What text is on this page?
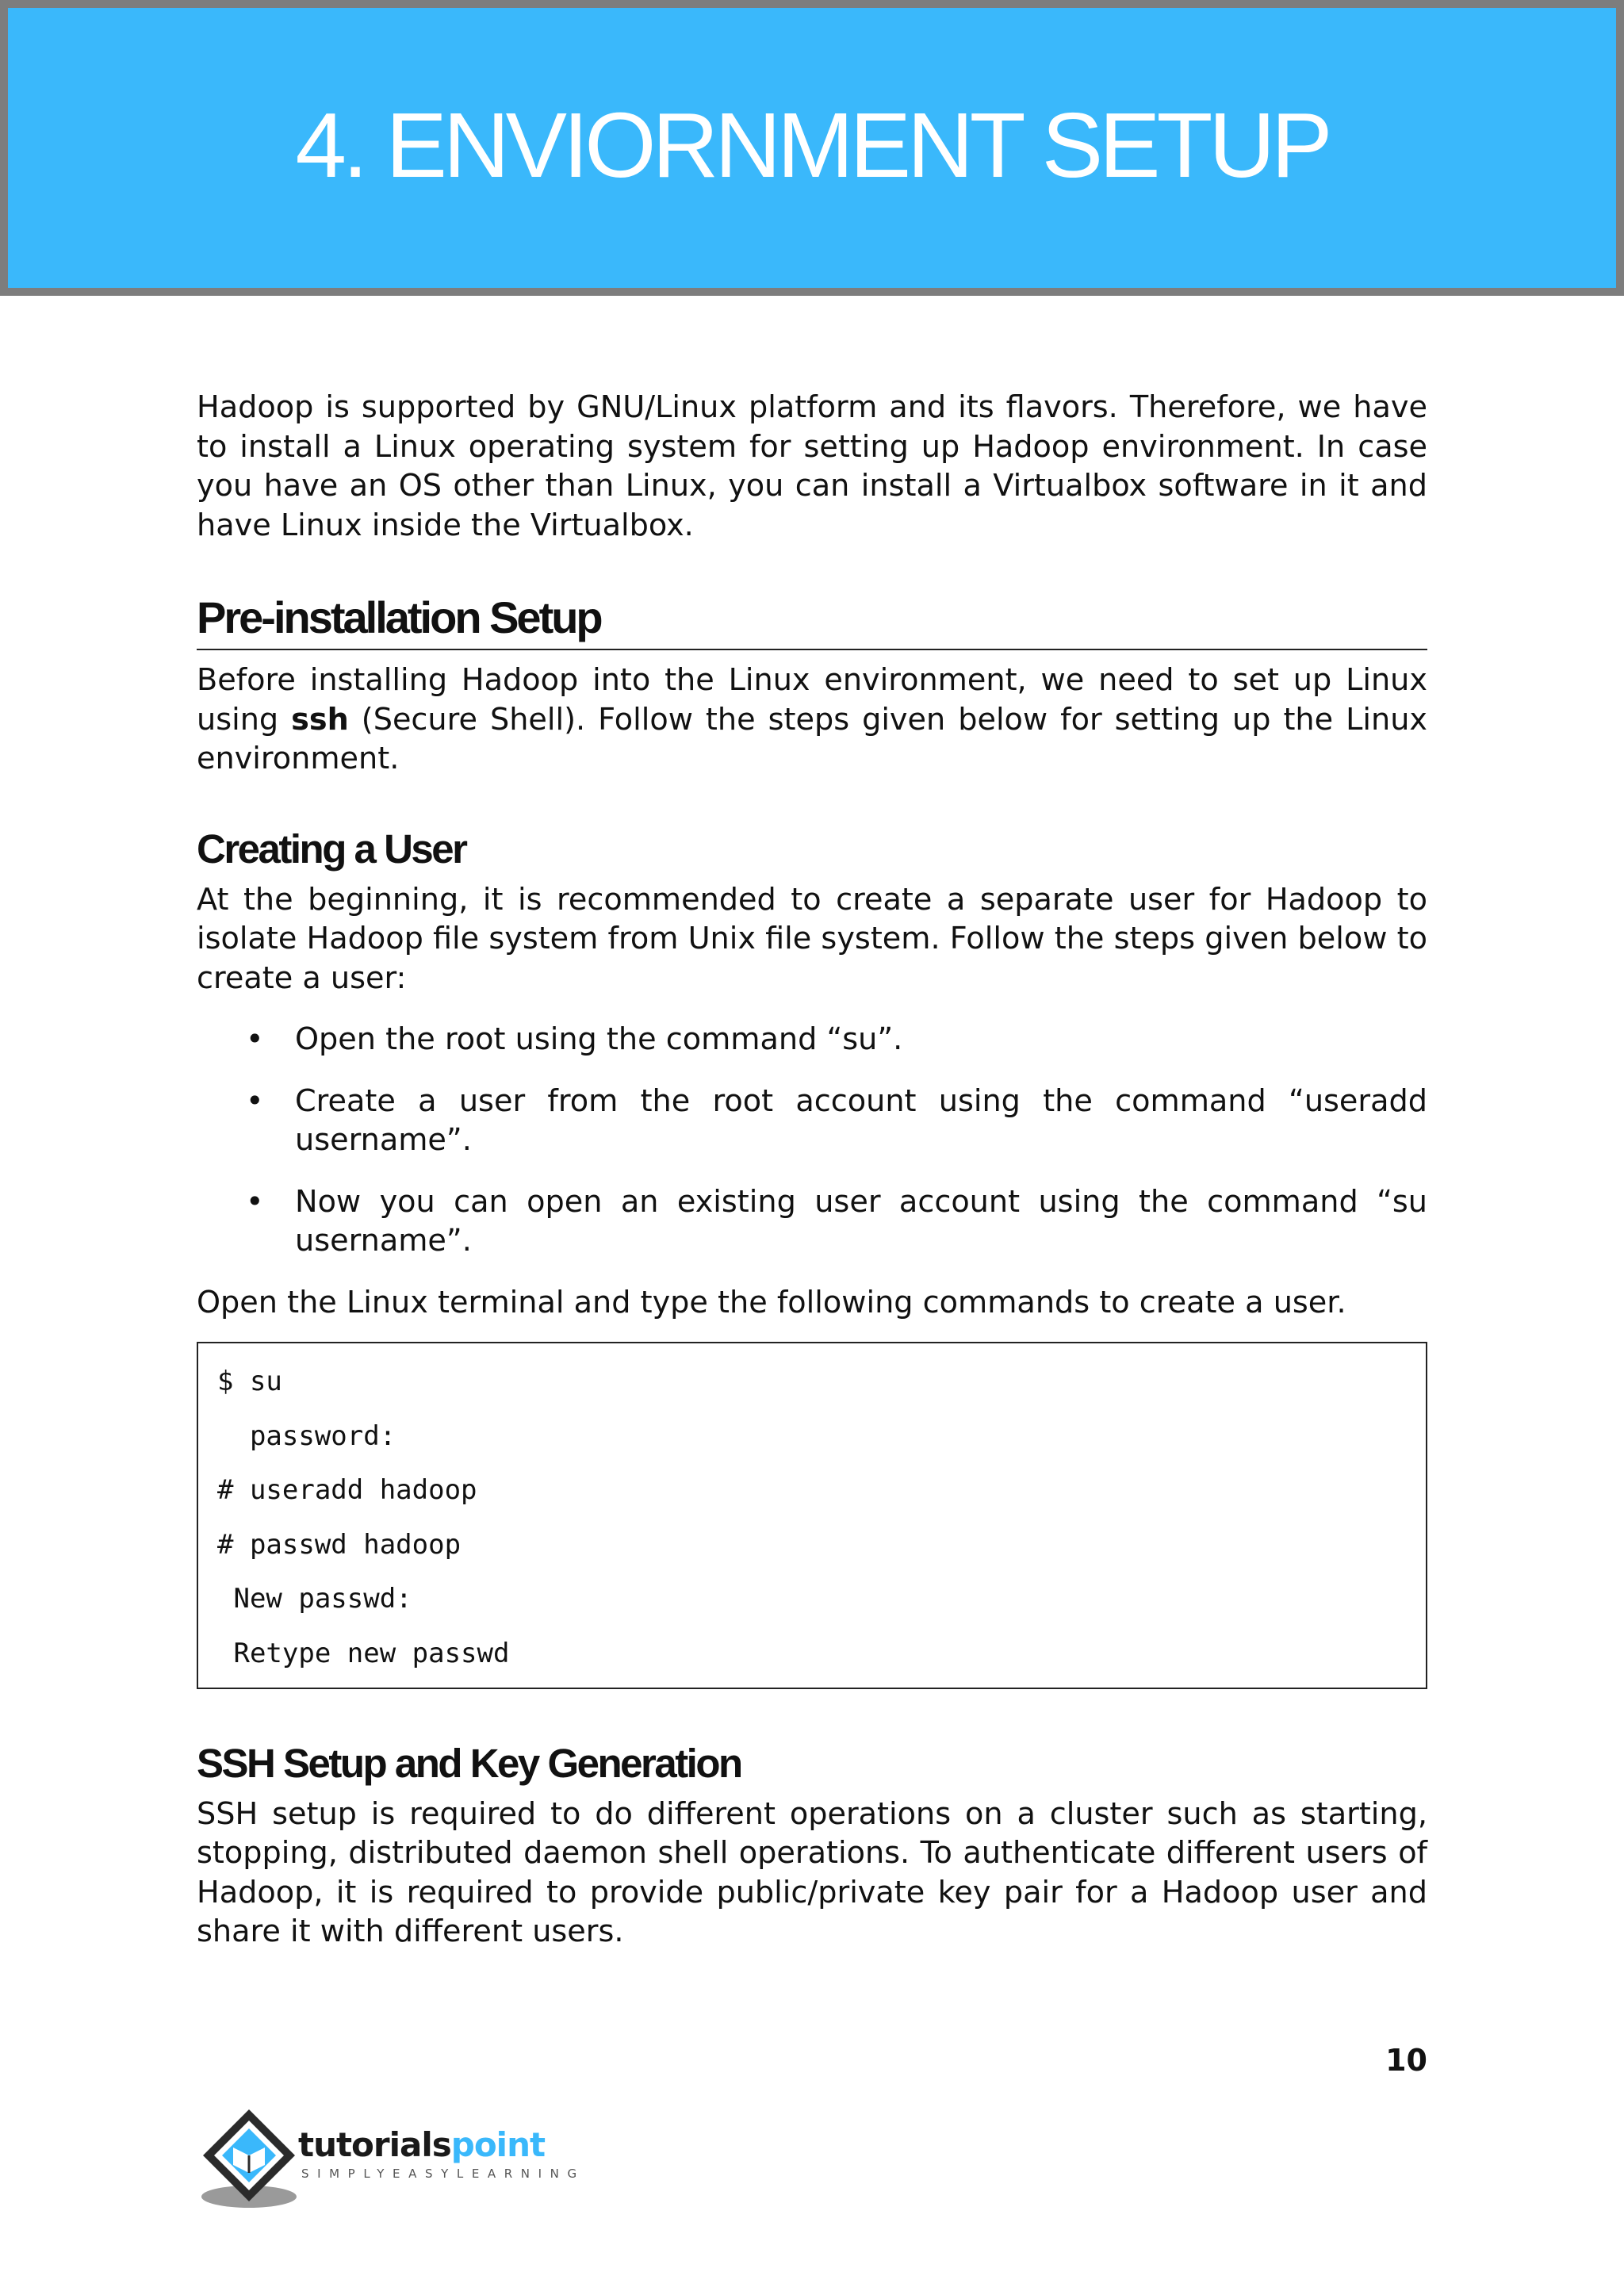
4. ENVIORNMENT SETUP

Hadoop is supported by GNU/Linux platform and its flavors. Therefore, we have to install a Linux operating system for setting up Hadoop environment. In case you have an OS other than Linux, you can install a Virtualbox software in it and have Linux inside the Virtualbox.

Pre-installation Setup

Before installing Hadoop into the Linux environment, we need to set up Linux using ssh (Secure Shell). Follow the steps given below for setting up the Linux environment.

Creating a User

At the beginning, it is recommended to create a separate user for Hadoop to isolate Hadoop file system from Unix file system. Follow the steps given below to create a user:

• Open the root using the command “su”.
• Create a user from the root account using the command “useradd username”.
• Now you can open an existing user account using the command “su username”.

Open the Linux terminal and type the following commands to create a user.

$ su
password:
# useradd hadoop
# passwd hadoop
New passwd:
Retype new passwd
SSH Setup and Key Generation

SSH setup is required to do different operations on a cluster such as starting, stopping, distributed daemon shell operations. To authenticate different users of Hadoop, it is required to provide public/private key pair for a Hadoop user and share it with different users.

10
tutorialspoint
SIMPLYEASYLEARNING
